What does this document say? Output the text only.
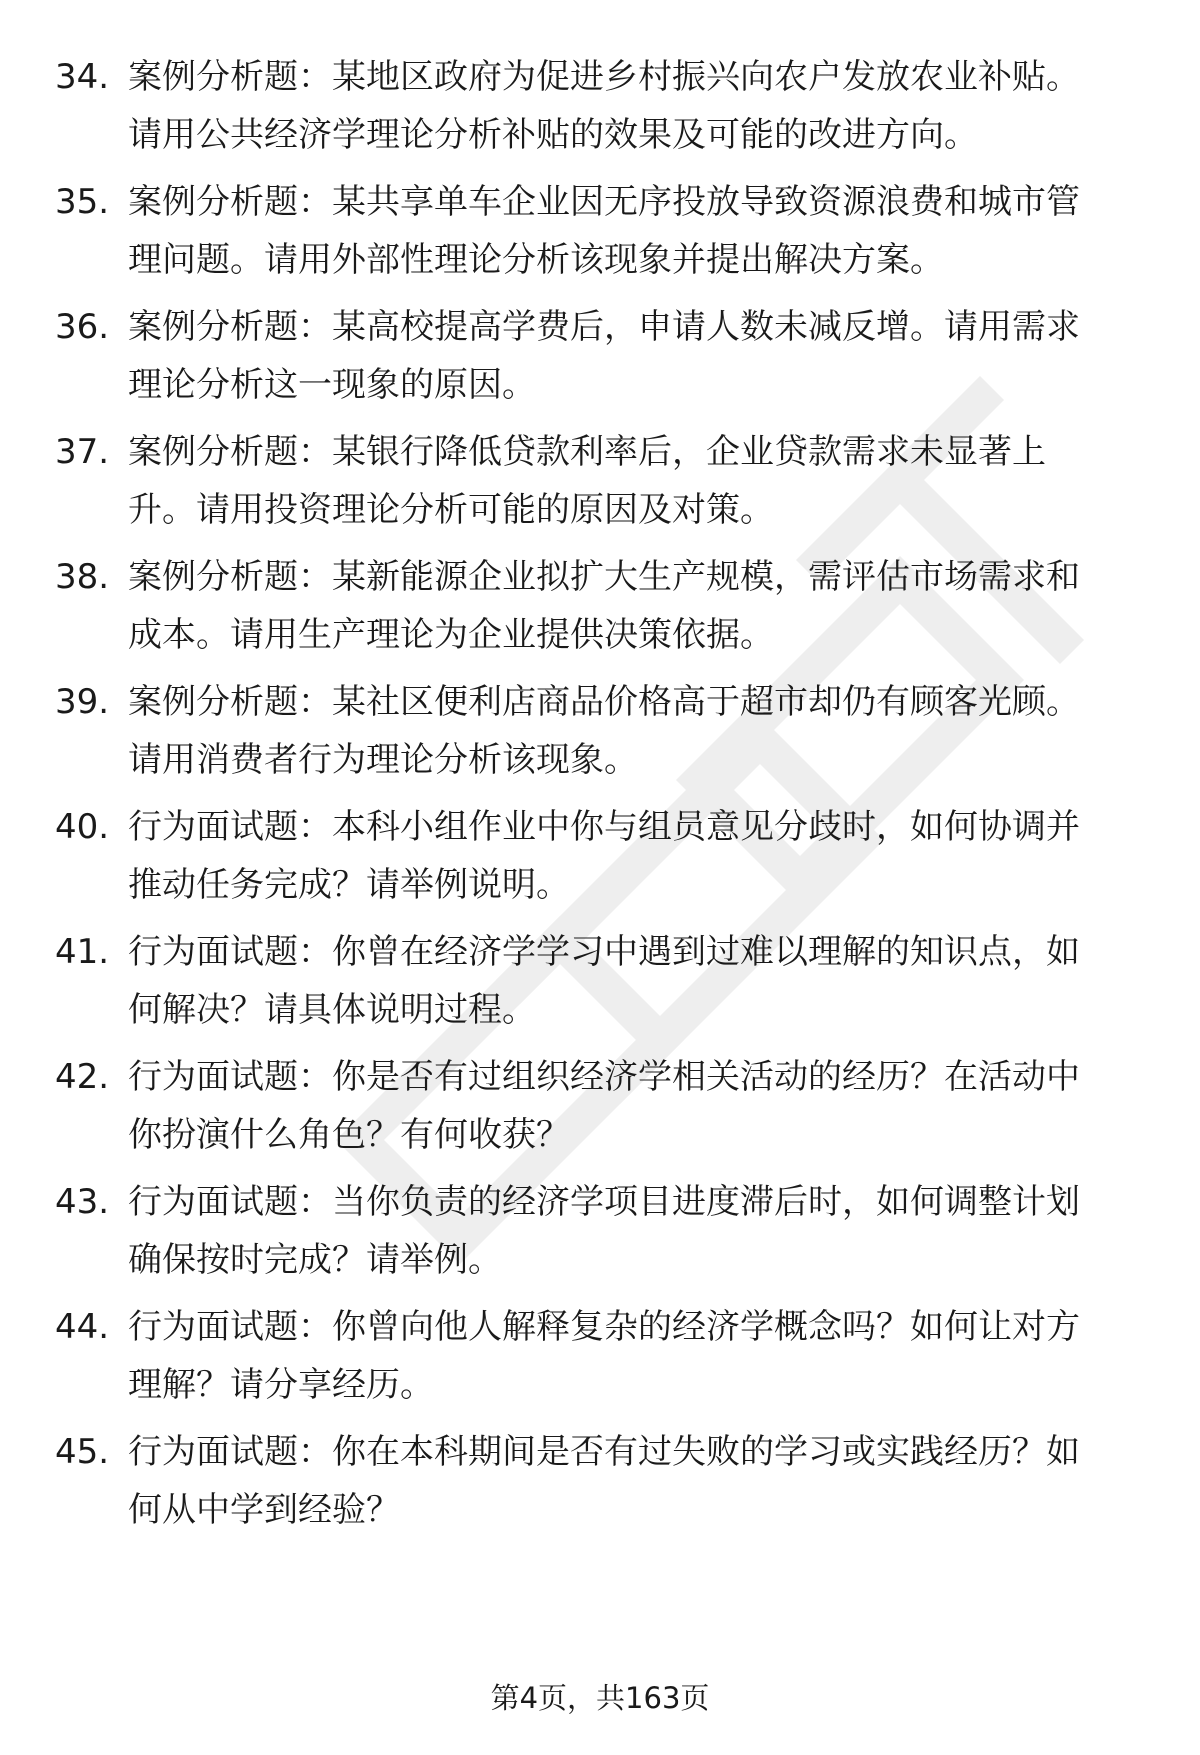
34. 案例分析题：某地区政府为促进乡村振兴向农户发放农业补贴。
请用公共经济学理论分析补贴的效果及可能的改进方向。
35. 案例分析题：某共享单车企业因无序投放导致资源浪费和城市管
理问题。请用外部性理论分析该现象并提出解决方案。
36. 案例分析题：某高校提高学费后，申请人数未减反增。请用需求
理论分析这一现象的原因。
37. 案例分析题：某银行降低贷款利率后，企业贷款需求未显著上
升。请用投资理论分析可能的原因及对策。
38. 案例分析题：某新能源企业拟扩大生产规模，需评估市场需求和
成本。请用生产理论为企业提供决策依据。
39. 案例分析题：某社区便利店商品价格高于超市却仍有顾客光顾。
请用消费者行为理论分析该现象。
40. 行为面试题：本科小组作业中你与组员意见分歧时，如何协调并
推动任务完成？请举例说明。
41. 行为面试题：你曾在经济学学习中遇到过难以理解的知识点，如
何解决？请具体说明过程。
42. 行为面试题：你是否有过组织经济学相关活动的经历？在活动中
你扮演什么角色？有何收获？
43. 行为面试题：当你负责的经济学项目进度滞后时，如何调整计划
确保按时完成？请举例。
44. 行为面试题：你曾向他人解释复杂的经济学概念吗？如何让对方
理解？请分享经历。
45. 行为面试题：你在本科期间是否有过失败的学习或实践经历？如
何从中学到经验？
第4页，共163页
